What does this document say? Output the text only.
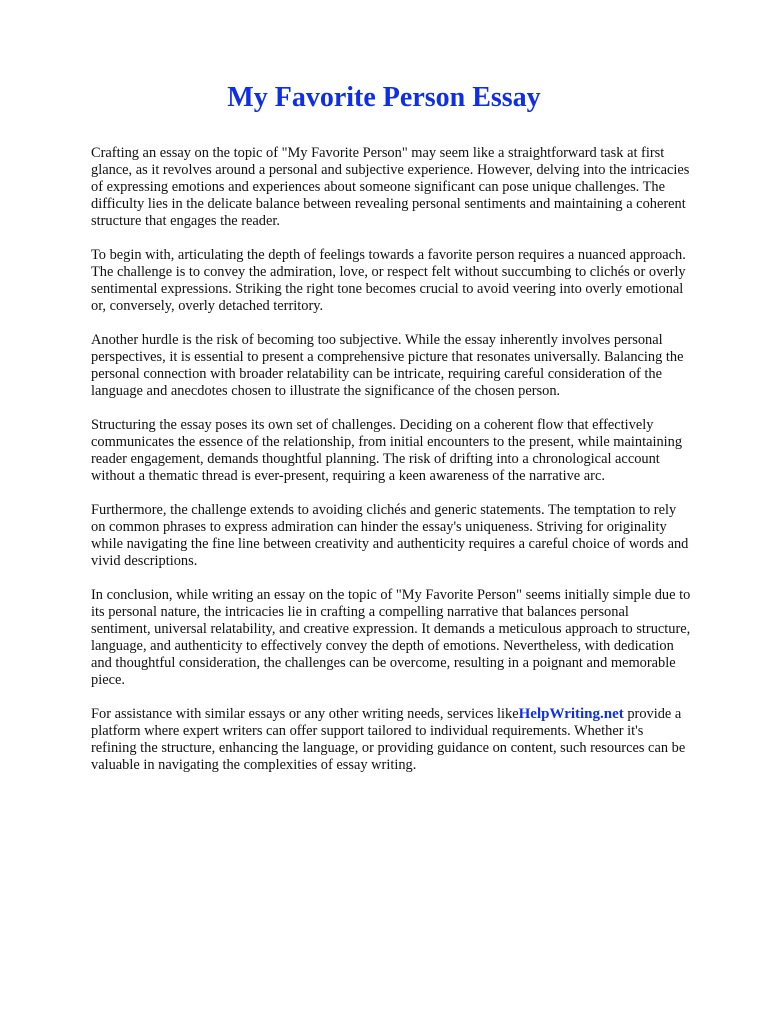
My Favorite Person Essay

Crafting an essay on the topic of "My Favorite Person" may seem like a straightforward task at first glance, as it revolves around a personal and subjective experience. However, delving into the intricacies of expressing emotions and experiences about someone significant can pose unique challenges. The difficulty lies in the delicate balance between revealing personal sentiments and maintaining a coherent structure that engages the reader.

To begin with, articulating the depth of feelings towards a favorite person requires a nuanced approach. The challenge is to convey the admiration, love, or respect felt without succumbing to clichés or overly sentimental expressions. Striking the right tone becomes crucial to avoid veering into overly emotional or, conversely, overly detached territory.

Another hurdle is the risk of becoming too subjective. While the essay inherently involves personal perspectives, it is essential to present a comprehensive picture that resonates universally. Balancing the personal connection with broader relatability can be intricate, requiring careful consideration of the language and anecdotes chosen to illustrate the significance of the chosen person.

Structuring the essay poses its own set of challenges. Deciding on a coherent flow that effectively communicates the essence of the relationship, from initial encounters to the present, while maintaining reader engagement, demands thoughtful planning. The risk of drifting into a chronological account without a thematic thread is ever-present, requiring a keen awareness of the narrative arc.

Furthermore, the challenge extends to avoiding clichés and generic statements. The temptation to rely on common phrases to express admiration can hinder the essay's uniqueness. Striving for originality while navigating the fine line between creativity and authenticity requires a careful choice of words and vivid descriptions.

In conclusion, while writing an essay on the topic of "My Favorite Person" seems initially simple due to its personal nature, the intricacies lie in crafting a compelling narrative that balances personal sentiment, universal relatability, and creative expression. It demands a meticulous approach to structure, language, and authenticity to effectively convey the depth of emotions. Nevertheless, with dedication and thoughtful consideration, the challenges can be overcome, resulting in a poignant and memorable piece.

For assistance with similar essays or any other writing needs, services likeHelpWriting.net provide a platform where expert writers can offer support tailored to individual requirements. Whether it's refining the structure, enhancing the language, or providing guidance on content, such resources can be valuable in navigating the complexities of essay writing.
